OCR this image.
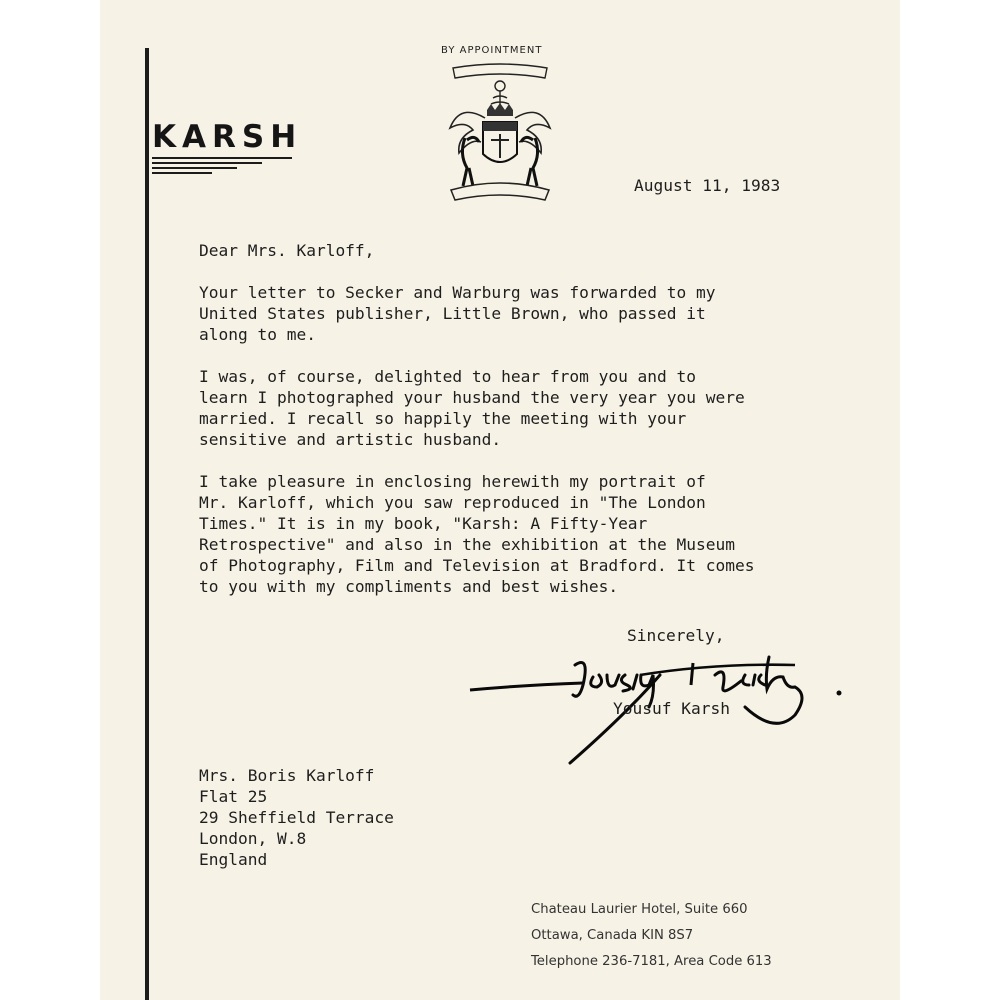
KARSH
BY APPOINTMENT
August 11, 1983

Dear Mrs. Karloff,

Your letter to Secker and Warburg was forwarded to my
United States publisher, Little Brown, who passed it
along to me.

I was, of course, delighted to hear from you and to
learn I photographed your husband the very year you were
married. I recall so happily the meeting with your
sensitive and artistic husband.

I take pleasure in enclosing herewith my portrait of
Mr. Karloff, which you saw reproduced in "The London
Times." It is in my book, "Karsh: A Fifty-Year
Retrospective" and also in the exhibition at the Museum
of Photography, Film and Television at Bradford. It comes
to you with my compliments and best wishes.

Sincerely,
Yousuf Karsh
Mrs. Boris Karloff
Flat 25
29 Sheffield Terrace
London, W.8
England
Chateau Laurier Hotel, Suite 660
Ottawa, Canada KIN 8S7
Telephone 236-7181, Area Code 613
